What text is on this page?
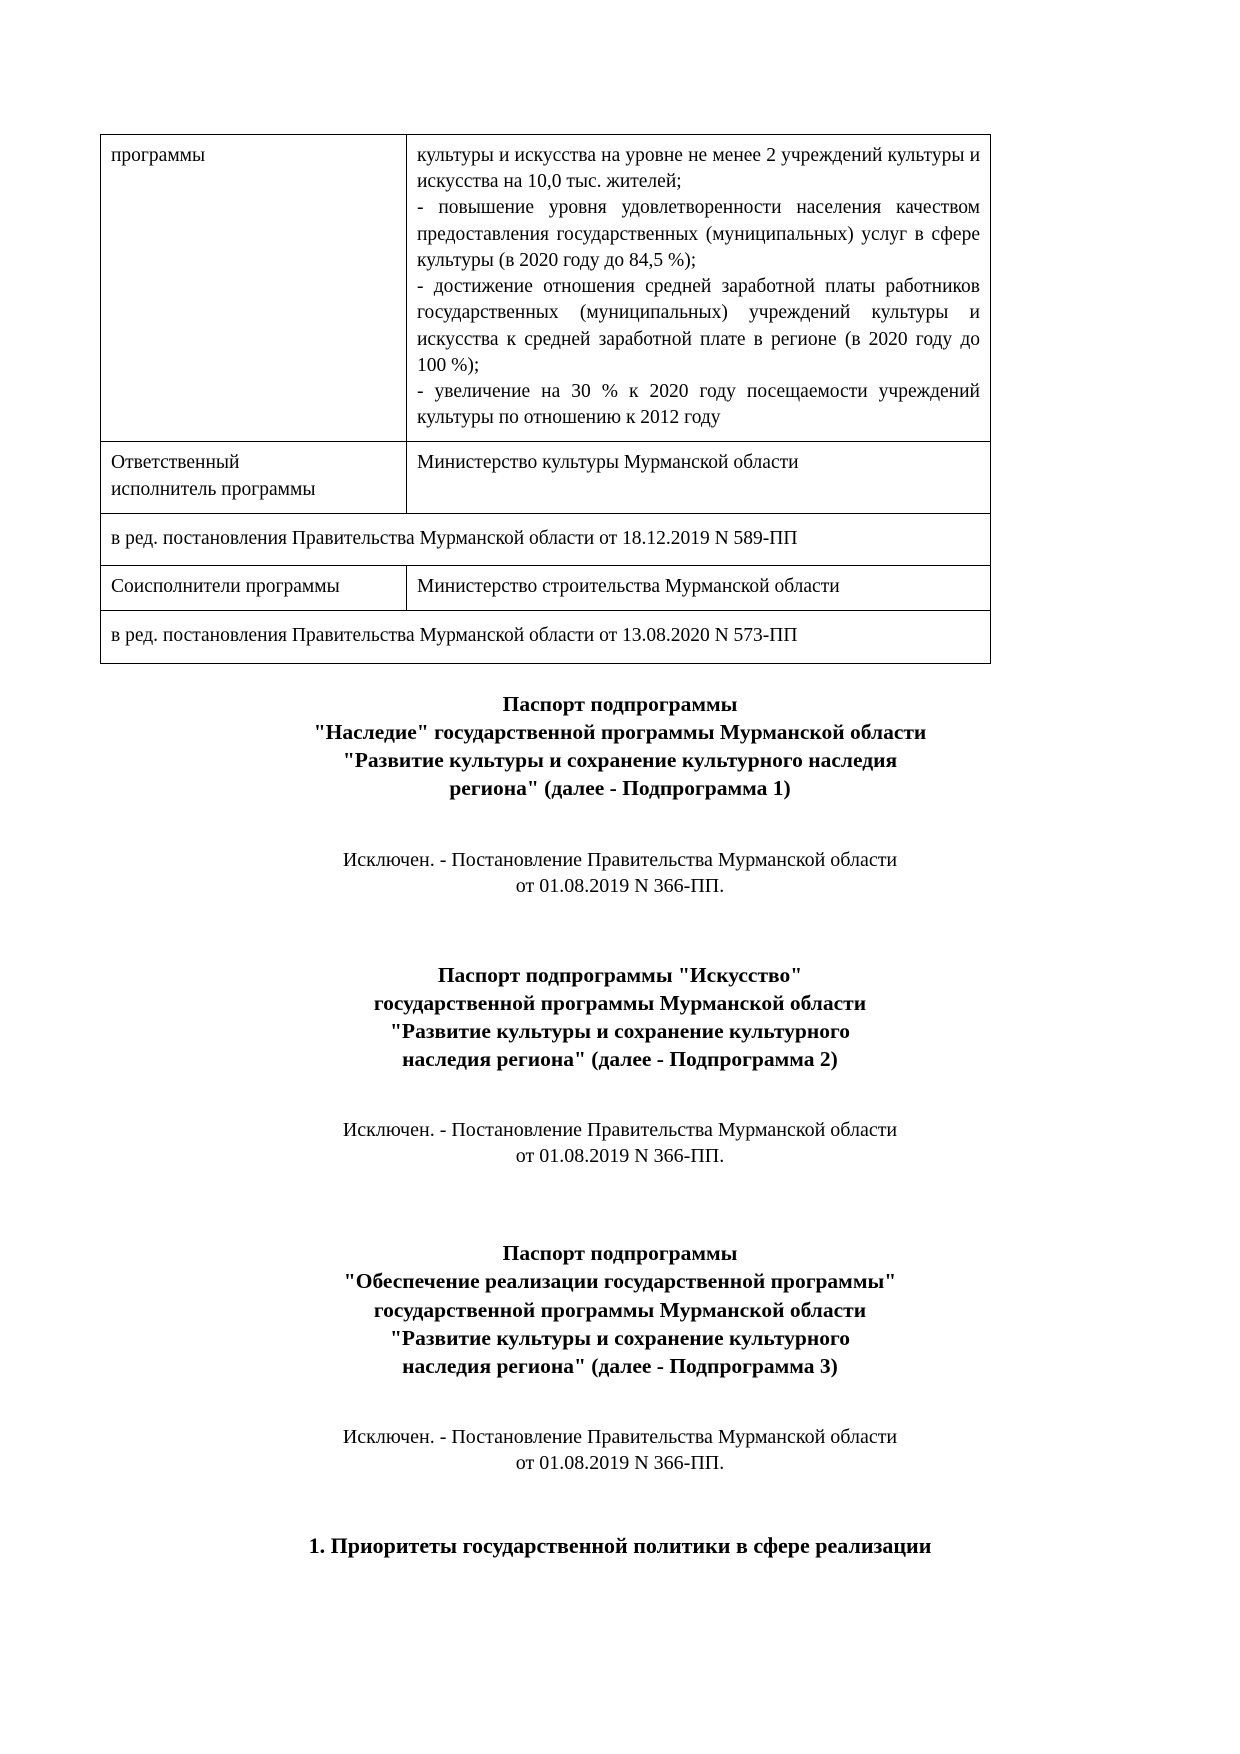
программы	культуры и искусства на уровне не менее 2 учреждений культуры и искусства на 10,0 тыс. жителей;

- повышение уровня удовлетворенности населения качеством предоставления государственных (муниципальных) услуг в сфере культуры (в 2020 году до 84,5 %);

- достижение отношения средней заработной платы работников государственных (муниципальных) учреждений культуры и искусства к средней заработной плате в регионе (в 2020 году до 100 %);

- увеличение на 30 % к 2020 году посещаемости учреждений культуры по отношению к 2012 году

Ответственный
исполнитель программы	Министерство культуры Мурманской области

в ред. постановления Правительства Мурманской области от 18.12.2019 N 589-ПП	
Соисполнители программы	Министерство строительства Мурманской области

в ред. постановления Правительства Мурманской области от 13.08.2020 N 573-ПП	
Паспорт подпрограммы
"Наследие" государственной программы Мурманской области
"Развитие культуры и сохранение культурного наследия
региона" (далее - Подпрограмма 1)
Исключен. - Постановление Правительства Мурманской области
от 01.08.2019 N 366-ПП.
Паспорт подпрограммы "Искусство"
государственной программы Мурманской области
"Развитие культуры и сохранение культурного
наследия региона" (далее - Подпрограмма 2)
Исключен. - Постановление Правительства Мурманской области
от 01.08.2019 N 366-ПП.
Паспорт подпрограммы
"Обеспечение реализации государственной программы"
государственной программы Мурманской области
"Развитие культуры и сохранение культурного
наследия региона" (далее - Подпрограмма 3)
Исключен. - Постановление Правительства Мурманской области
от 01.08.2019 N 366-ПП.
1. Приоритеты государственной политики в сфере реализации
